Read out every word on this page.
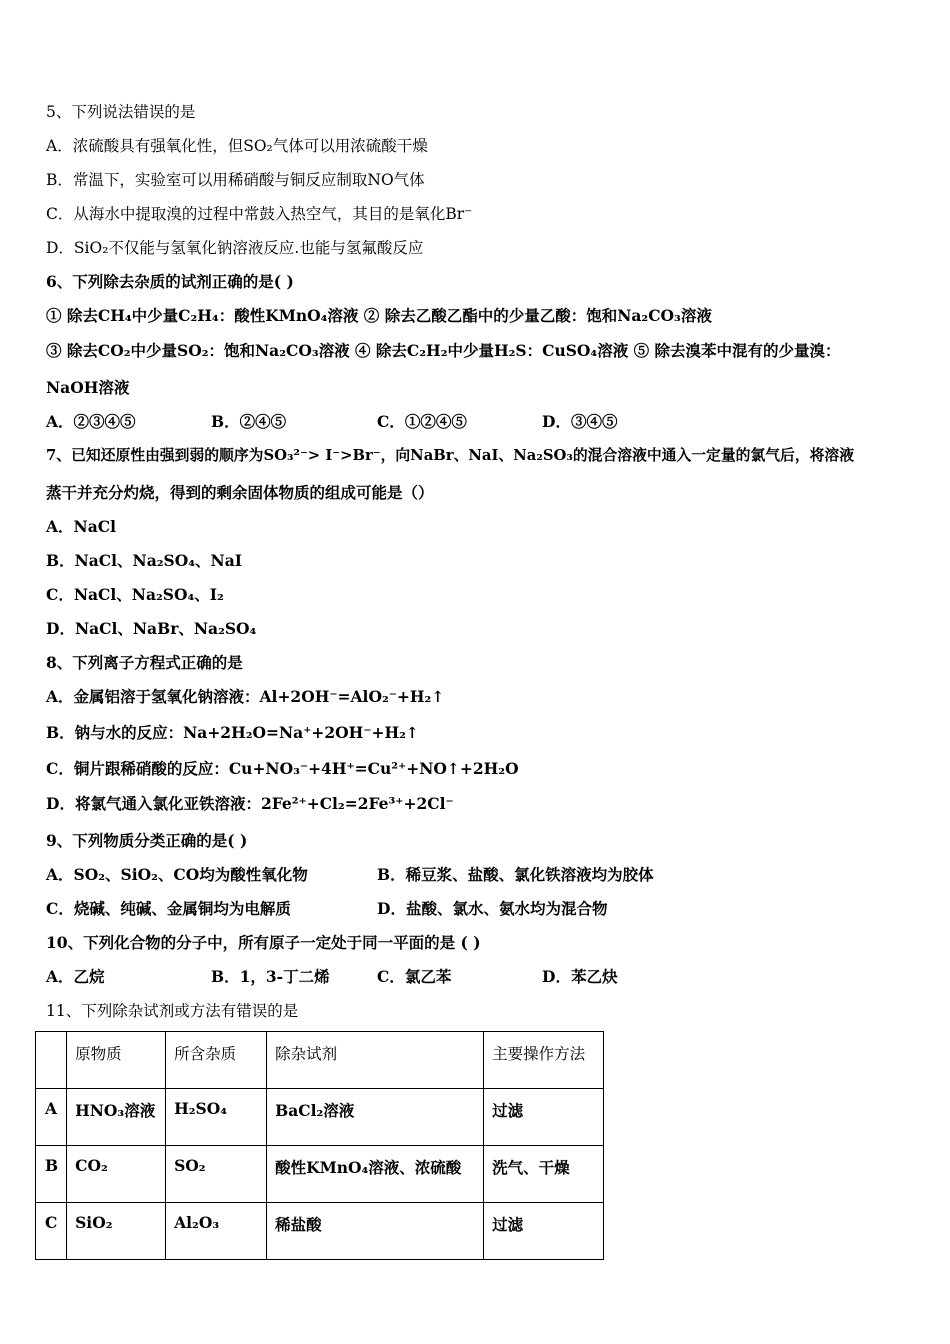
5、下列说法错误的是
A．浓硫酸具有强氧化性，但SO₂气体可以用浓硫酸干燥
B．常温下，实验室可以用稀硝酸与铜反应制取NO气体
C．从海水中提取溴的过程中常鼓入热空气，其目的是氧化Br⁻
D．SiO₂不仅能与氢氧化钠溶液反应.也能与氢氟酸反应
6、下列除去杂质的试剂正确的是( )
① 除去CH₄中少量C₂H₄：酸性KMnO₄溶液 ② 除去乙酸乙酯中的少量乙酸：饱和Na₂CO₃溶液
③ 除去CO₂中少量SO₂：饱和Na₂CO₃溶液 ④ 除去C₂H₂中少量H₂S：CuSO₄溶液 ⑤ 除去溴苯中混有的少量溴：
NaOH溶液
A．②③④⑤	B．②④⑤	C．①②④⑤	D．③④⑤
7、已知还原性由强到弱的顺序为SO₃²⁻> I⁻>Br⁻，向NaBr、NaI、Na₂SO₃的混合溶液中通入一定量的氯气后，将溶液
蒸干并充分灼烧，得到的剩余固体物质的组成可能是（）
A．NaCl
B．NaCl、Na₂SO₄、NaI
C．NaCl、Na₂SO₄、I₂
D．NaCl、NaBr、Na₂SO₄
8、下列离子方程式正确的是
A．金属铝溶于氢氧化钠溶液：Al+2OH⁻=AlO₂⁻+H₂↑
B．钠与水的反应：Na+2H₂O=Na⁺+2OH⁻+H₂↑
C．铜片跟稀硝酸的反应：Cu+NO₃⁻+4H⁺=Cu²⁺+NO↑+2H₂O
D．将氯气通入氯化亚铁溶液：2Fe²⁺+Cl₂=2Fe³⁺+2Cl⁻
9、下列物质分类正确的是( )
A．SO₂、SiO₂、CO均为酸性氧化物	B．稀豆浆、盐酸、氯化铁溶液均为胶体
C．烧碱、纯碱、金属铜均为电解质	D．盐酸、氯水、氨水均为混合物
10、下列化合物的分子中，所有原子一定处于同一平面的是 ( )
A．乙烷	B．1，3-丁二烯	C．氯乙苯	D．苯乙炔
11、下列除杂试剂或方法有错误的是
	原物质	所含杂质	除杂试剂	主要操作方法
A	HNO₃溶液	H₂SO₄	BaCl₂溶液	过滤
B	CO₂	SO₂	酸性KMnO₄溶液、浓硫酸	洗气、干燥
C	SiO₂	Al₂O₃	稀盐酸	过滤
